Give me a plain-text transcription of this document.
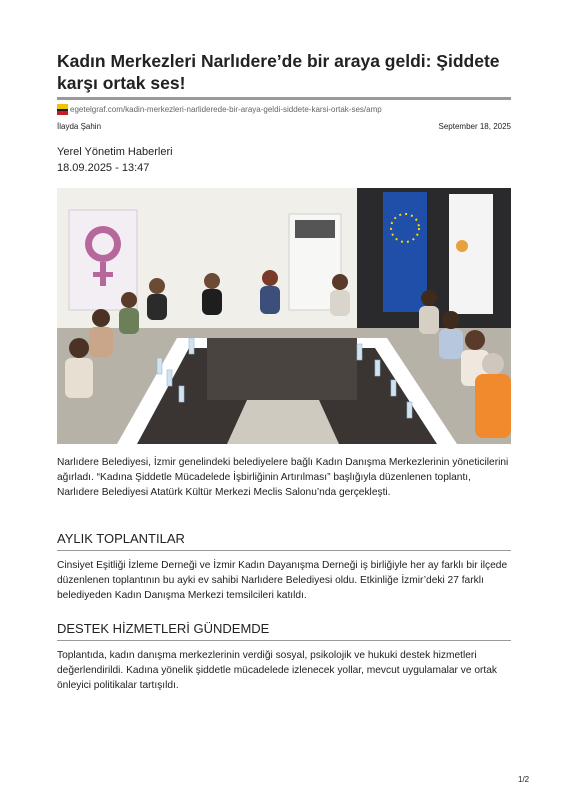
Kadın Merkezleri Narlıdere’de bir araya geldi: Şiddete karşı ortak ses!
egetelgraf.com/kadin-merkezleri-narliderede-bir-araya-geldi-siddete-karsi-ortak-ses/amp
İlayda Şahin	September 18, 2025
Yerel Yönetim Haberleri
18.09.2025 - 13:47

Narlıdere Belediyesi, İzmir genelindeki belediyelere bağlı Kadın Danışma Merkezlerinin yöneticilerini ağırladı. “Kadına Şiddetle Mücadelede İşbirliğinin Artırılması” başlığıyla düzenlenen toplantı, Narlıdere Belediyesi Atatürk Kültür Merkezi Meclis Salonu’nda gerçekleşti.

AYLIK TOPLANTILAR

Cinsiyet Eşitliği İzleme Derneği ve İzmir Kadın Dayanışma Derneği iş birliğiyle her ay farklı bir ilçede düzenlenen toplantının bu ayki ev sahibi Narlıdere Belediyesi oldu. Etkinliğe İzmir’deki 27 farklı belediyeden Kadın Danışma Merkezi temsilcileri katıldı.

DESTEK HİZMETLERİ GÜNDEMDE

Toplantıda, kadın danışma merkezlerinin verdiği sosyal, psikolojik ve hukuki destek hizmetleri değerlendirildi. Kadına yönelik şiddetle mücadelede izlenecek yollar, mevcut uygulamalar ve ortak önleyici politikalar tartışıldı.

1/2
